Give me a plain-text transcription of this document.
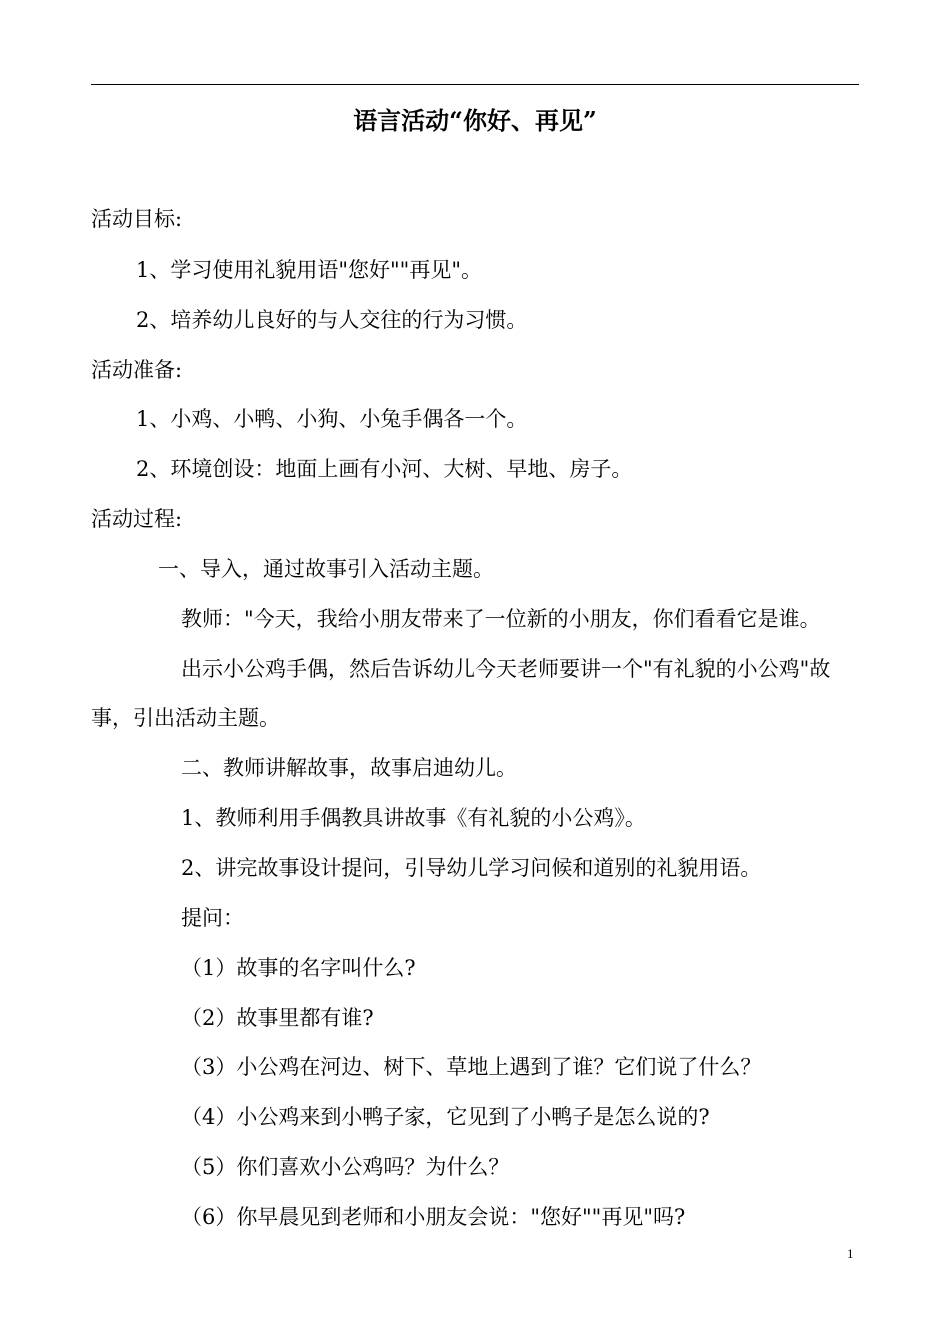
语言活动“你好、再见”
活动目标:
1、学习使用礼貌用语"您好""再见"。
2、培养幼儿良好的与人交往的行为习惯。
活动准备:
1、小鸡、小鸭、小狗、小兔手偶各一个。
2、环境创设：地面上画有小河、大树、早地、房子。
活动过程:
一、导入，通过故事引入活动主题。
教师："今天，我给小朋友带来了一位新的小朋友，你们看看它是谁。
出示小公鸡手偶，然后告诉幼儿今天老师要讲一个"有礼貌的小公鸡"故
事，引出活动主题。
二、教师讲解故事，故事启迪幼儿。
1、教师利用手偶教具讲故事《有礼貌的小公鸡》。
2、讲完故事设计提问，引导幼儿学习问候和道别的礼貌用语。
提问：
（1）故事的名字叫什么?
（2）故事里都有谁?
（3）小公鸡在河边、树下、草地上遇到了谁？它们说了什么？
（4）小公鸡来到小鸭子家，它见到了小鸭子是怎么说的?
（5）你们喜欢小公鸡吗？为什么？
（6）你早晨见到老师和小朋友会说："您好""再见"吗?
1
